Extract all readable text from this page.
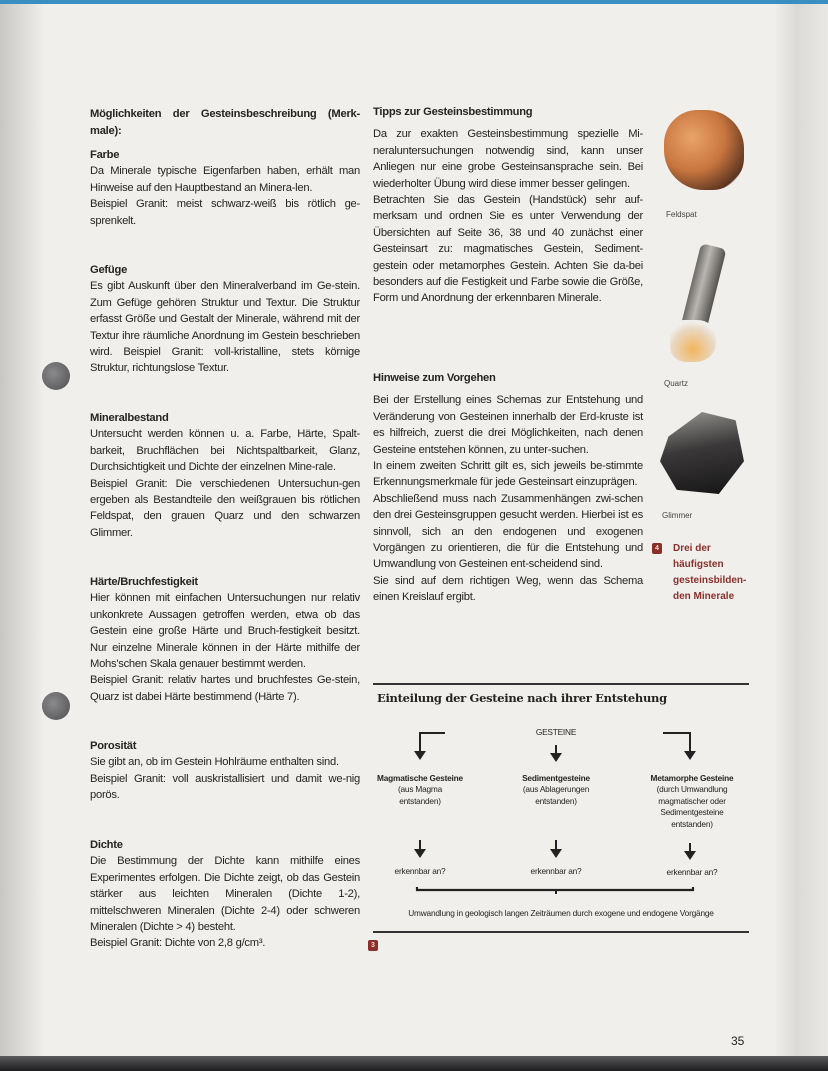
Möglichkeiten der Gesteinsbeschreibung (Merk-male):
Farbe

Da Minerale typische Eigenfarben haben, erhält man Hinweise auf den Hauptbestand an Minera-len.

Beispiel Granit: meist schwarz-weiß bis rötlich ge-sprenkelt.

Gefüge

Es gibt Auskunft über den Mineralverband im Ge-stein. Zum Gefüge gehören Struktur und Textur. Die Struktur erfasst Größe und Gestalt der Minerale, während mit der Textur ihre räumliche Anordnung im Gestein beschrieben wird. Beispiel Granit: voll-kristalline, stets körnige Struktur, richtungslose Textur.

Mineralbestand

Untersucht werden können u. a. Farbe, Härte, Spalt-barkeit, Bruchflächen bei Nichtspaltbarkeit, Glanz, Durchsichtigkeit und Dichte der einzelnen Mine-rale.

Beispiel Granit: Die verschiedenen Untersuchun-gen ergeben als Bestandteile den weißgrauen bis rötlichen Feldspat, den grauen Quarz und den schwarzen Glimmer.

Härte/Bruchfestigkeit

Hier können mit einfachen Untersuchungen nur relativ unkonkrete Aussagen getroffen werden, etwa ob das Gestein eine große Härte und Bruch-festigkeit besitzt. Nur einzelne Minerale können in der Härte mithilfe der Mohs'schen Skala genauer bestimmt werden.

Beispiel Granit: relativ hartes und bruchfestes Ge-stein, Quarz ist dabei Härte bestimmend (Härte 7).

Porosität

Sie gibt an, ob im Gestein Hohlräume enthalten sind.

Beispiel Granit: voll auskristallisiert und damit we-nig porös.

Dichte

Die Bestimmung der Dichte kann mithilfe eines Experimentes erfolgen. Die Dichte zeigt, ob das Gestein stärker aus leichten Mineralen (Dichte 1-2), mittelschweren Mineralen (Dichte 2-4) oder schweren Mineralen (Dichte > 4) besteht.

Beispiel Granit: Dichte von 2,8 g/cm³.

Tipps zur Gesteinsbestimmung

Da zur exakten Gesteinsbestimmung spezielle Mi-neraluntersuchungen notwendig sind, kann unser Anliegen nur eine grobe Gesteinsansprache sein. Bei wiederholter Übung wird diese immer besser gelingen.

Betrachten Sie das Gestein (Handstück) sehr auf-merksam und ordnen Sie es unter Verwendung der Übersichten auf Seite 36, 38 und 40 zunächst einer Gesteinsart zu: magmatisches Gestein, Sediment-gestein oder metamorphes Gestein. Achten Sie da-bei besonders auf die Festigkeit und Farbe sowie die Größe, Form und Anordnung der erkennbaren Minerale.

Hinweise zum Vorgehen

Bei der Erstellung eines Schemas zur Entstehung und Veränderung von Gesteinen innerhalb der Erd-kruste ist es hilfreich, zuerst die drei Möglichkeiten, nach denen Gesteine entstehen können, zu unter-suchen.

In einem zweiten Schritt gilt es, sich jeweils be-stimmte Erkennungsmerkmale für jede Gesteinsart einzuprägen.

Abschließend muss nach Zusammenhängen zwi-schen den drei Gesteinsgruppen gesucht werden. Hierbei ist es sinnvoll, sich an den endogenen und exogenen Vorgängen zu orientieren, die für die Entstehung und Umwandlung von Gesteinen ent-scheidend sind.

Sie sind auf dem richtigen Weg, wenn das Schema einen Kreislauf ergibt.

Feldspat
Quartz
Glimmer
4	Drei der häufigsten gesteinsbilden-den Minerale
Einteilung der Gesteine nach ihrer Entstehung
GESTEINE
Magmatische Gesteine
(aus Magma entstanden)
Sedimentgesteine
(aus Ablagerungen entstanden)
Metamorphe Gesteine
(durch Umwandlung magmatischer oder Sedimentgesteine entstanden)
erkennbar an?	erkennbar an?	erkennbar an?
Umwandlung in geologisch langen Zeiträumen durch exogene und endogene Vorgänge
3
35
